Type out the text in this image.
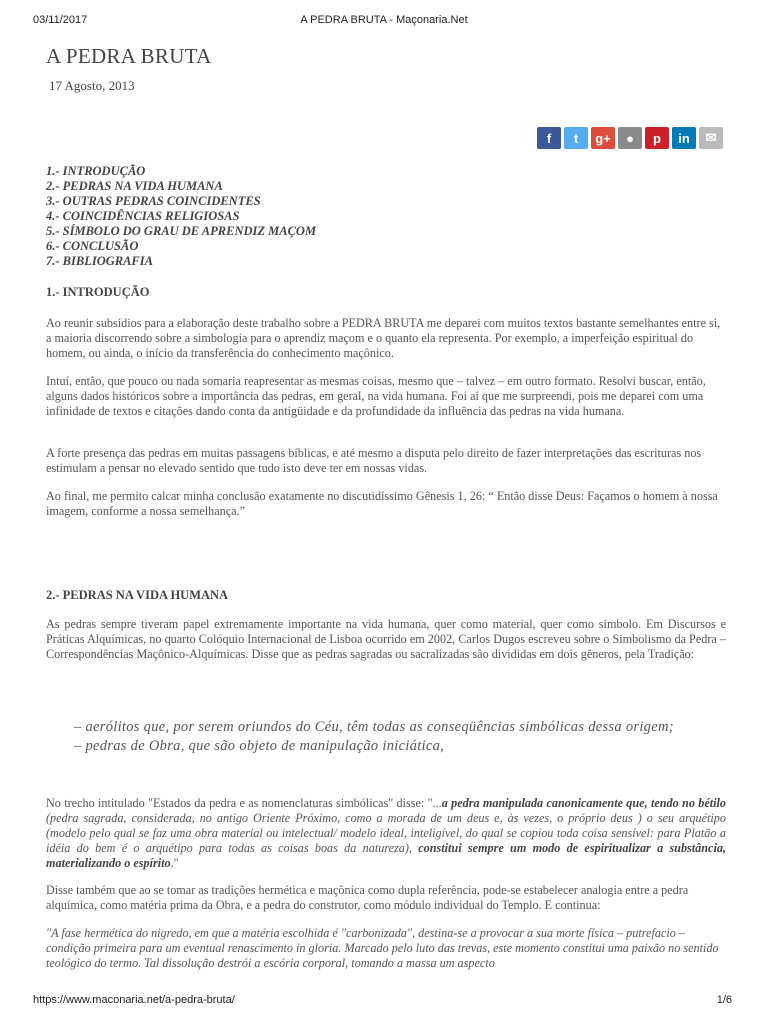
03/11/2017	A PEDRA BRUTA - Maçonaria.Net
A PEDRA BRUTA
17 Agosto, 2013
f	t	g+	●	p	in	✉
1.- INTRODUÇÃO
2.- PEDRAS NA VIDA HUMANA
3.- OUTRAS PEDRAS COINCIDENTES
4.- COINCIDÊNCIAS RELIGIOSAS
5.- SÍMBOLO DO GRAU DE APRENDIZ MAÇOM
6.- CONCLUSÃO
7.- BIBLIOGRAFIA
1.- INTRODUÇÃO

Ao reunir subsídios para a elaboração deste trabalho sobre a PEDRA BRUTA me deparei com muitos textos bastante semelhantes entre si, a maioria discorrendo sobre a simbologia para o aprendiz maçom e o quanto ela representa. Por exemplo, a imperfeição espiritual do homem, ou ainda, o início da transferência do conhecimento maçônico.

Intuí, então, que pouco ou nada somaria reapresentar as mesmas coisas, mesmo que – talvez – em outro formato. Resolvi buscar, então, alguns dados históricos sobre a importância das pedras, em geral, na vida humana. Foi aí que me surpreendi, pois me deparei com uma infinidade de textos e citações dando conta da antigüidade e da profundidade da influência das pedras na vida humana.

A forte presença das pedras em muitas passagens bíblicas, e até mesmo a disputa pelo direito de fazer interpretações das escrituras nos estimulam a pensar no elevado sentido que tudo isto deve ter em nossas vidas.

Ao final, me permito calcar minha conclusão exatamente no discutidíssimo Gênesis 1, 26: “ Então disse Deus: Façamos o homem à nossa imagem, conforme a nossa semelhança.”

2.- PEDRAS NA VIDA HUMANA

As pedras sempre tiveram papel extremamente importante na vida humana, quer como material, quer como símbolo. Em Discursos e Práticas Alquímicas, no quarto Colóquio Internacional de Lisboa ocorrido em 2002, Carlos Dugos escreveu sobre o Simbolismo da Pedra – Correspondências Maçônico-Alquímicas. Disse que as pedras sagradas ou sacralizadas são divididas em dois gêneros, pela Tradição:

– aerólitos que, por serem oriundos do Céu, têm todas as conseqüências simbólicas dessa origem;
– pedras de Obra, que são objeto de manipulação iniciática,

No trecho intitulado "Estados da pedra e as nomenclaturas simbólicas" disse: "...a pedra manipulada canonicamente que, tendo no bétilo (pedra sagrada, considerada, no antigo Oriente Próximo, como a morada de um deus e, às vezes, o próprio deus ) o seu arquétipo (modelo pelo qual se faz uma obra material ou intelectual/ modelo ideal, inteligível, do qual se copiou toda coisa sensível: para Platão a idéia do bem é o arquétipo para todas as coisas boas da natureza), constitui sempre um modo de espiritualizar a substância, materializando o espírito."

Disse também que ao se tomar as tradições hermética e maçônica como dupla referência, pode-se estabelecer analogia entre a pedra alquímica, como matéria prima da Obra, e a pedra do construtor, como módulo individual do Templo. E continua:

"A fase hermética do nigredo, em que a matéria escolhida é "carbonizada", destina-se a provocar a sua morte física – putrefacio – condição primeira para um eventual renascimento in gloria. Marcado pelo luto das trevas, este momento constitui uma paixão no sentido teológico do termo. Tal dissolução destrói a escória corporal, tomando a massa um aspecto

https://www.maconaria.net/a-pedra-bruta/	1/6
